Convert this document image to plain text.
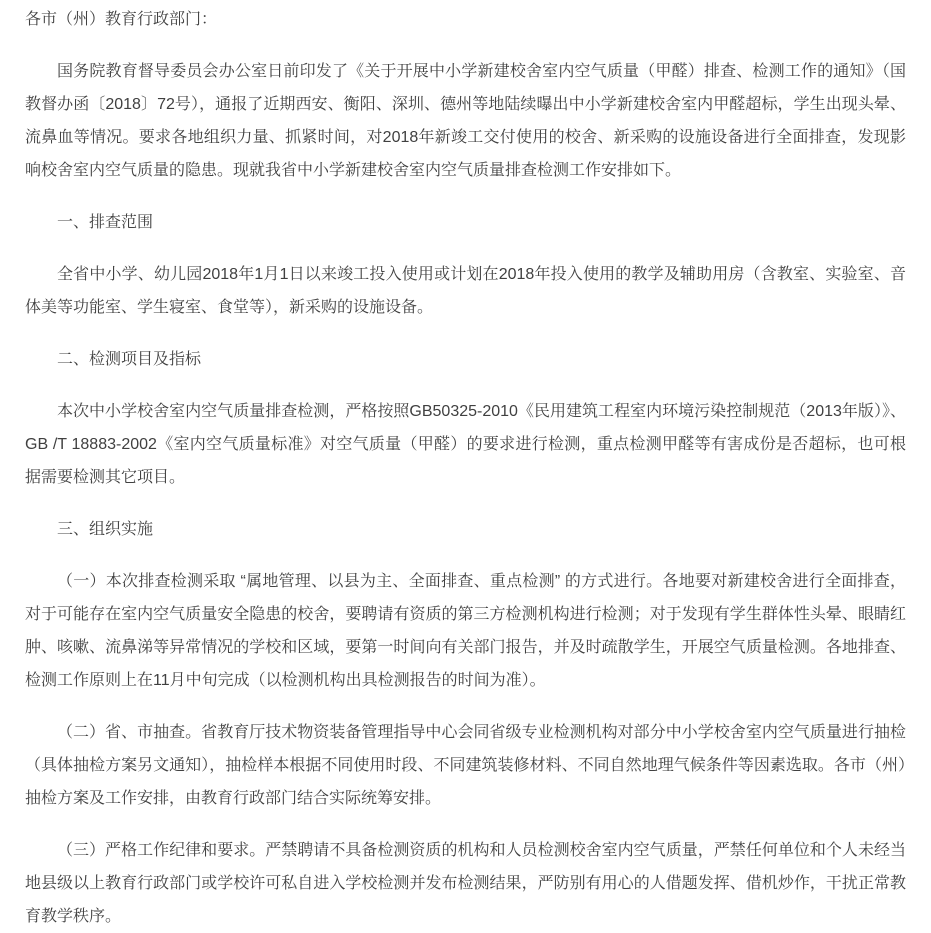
各市（州）教育行政部门：

国务院教育督导委员会办公室日前印发了《关于开展中小学新建校舍室内空气质量（甲醛）排查、检测工作的通知》（国教督办函〔2018〕72号），通报了近期西安、衡阳、深圳、德州等地陆续曝出中小学新建校舍室内甲醛超标，学生出现头晕、流鼻血等情况。要求各地组织力量、抓紧时间，对2018年新竣工交付使用的校舍、新采购的设施设备进行全面排查，发现影响校舍室内空气质量的隐患。现就我省中小学新建校舍室内空气质量排查检测工作安排如下。

一、排查范围

全省中小学、幼儿园2018年1月1日以来竣工投入使用或计划在2018年投入使用的教学及辅助用房（含教室、实验室、音体美等功能室、学生寝室、食堂等），新采购的设施设备。

二、检测项目及指标

本次中小学校舍室内空气质量排查检测，严格按照GB50325-2010《民用建筑工程室内环境污染控制规范（2013年版）》、GB /T 18883-2002《室内空气质量标准》对空气质量（甲醛）的要求进行检测，重点检测甲醛等有害成份是否超标，也可根据需要检测其它项目。

三、组织实施

（一）本次排查检测采取 “属地管理、以县为主、全面排查、重点检测” 的方式进行。各地要对新建校舍进行全面排查，对于可能存在室内空气质量安全隐患的校舍，要聘请有资质的第三方检测机构进行检测；对于发现有学生群体性头晕、眼睛红肿、咳嗽、流鼻涕等异常情况的学校和区域，要第一时间向有关部门报告，并及时疏散学生，开展空气质量检测。各地排查、检测工作原则上在11月中旬完成（以检测机构出具检测报告的时间为准）。

（二）省、市抽查。省教育厅技术物资装备管理指导中心会同省级专业检测机构对部分中小学校舍室内空气质量进行抽检（具体抽检方案另文通知），抽检样本根据不同使用时段、不同建筑装修材料、不同自然地理气候条件等因素选取。各市（州）抽检方案及工作安排，由教育行政部门结合实际统筹安排。

（三）严格工作纪律和要求。严禁聘请不具备检测资质的机构和人员检测校舍室内空气质量，严禁任何单位和个人未经当地县级以上教育行政部门或学校许可私自进入学校检测并发布检测结果，严防别有用心的人借题发挥、借机炒作，干扰正常教育教学秩序。
